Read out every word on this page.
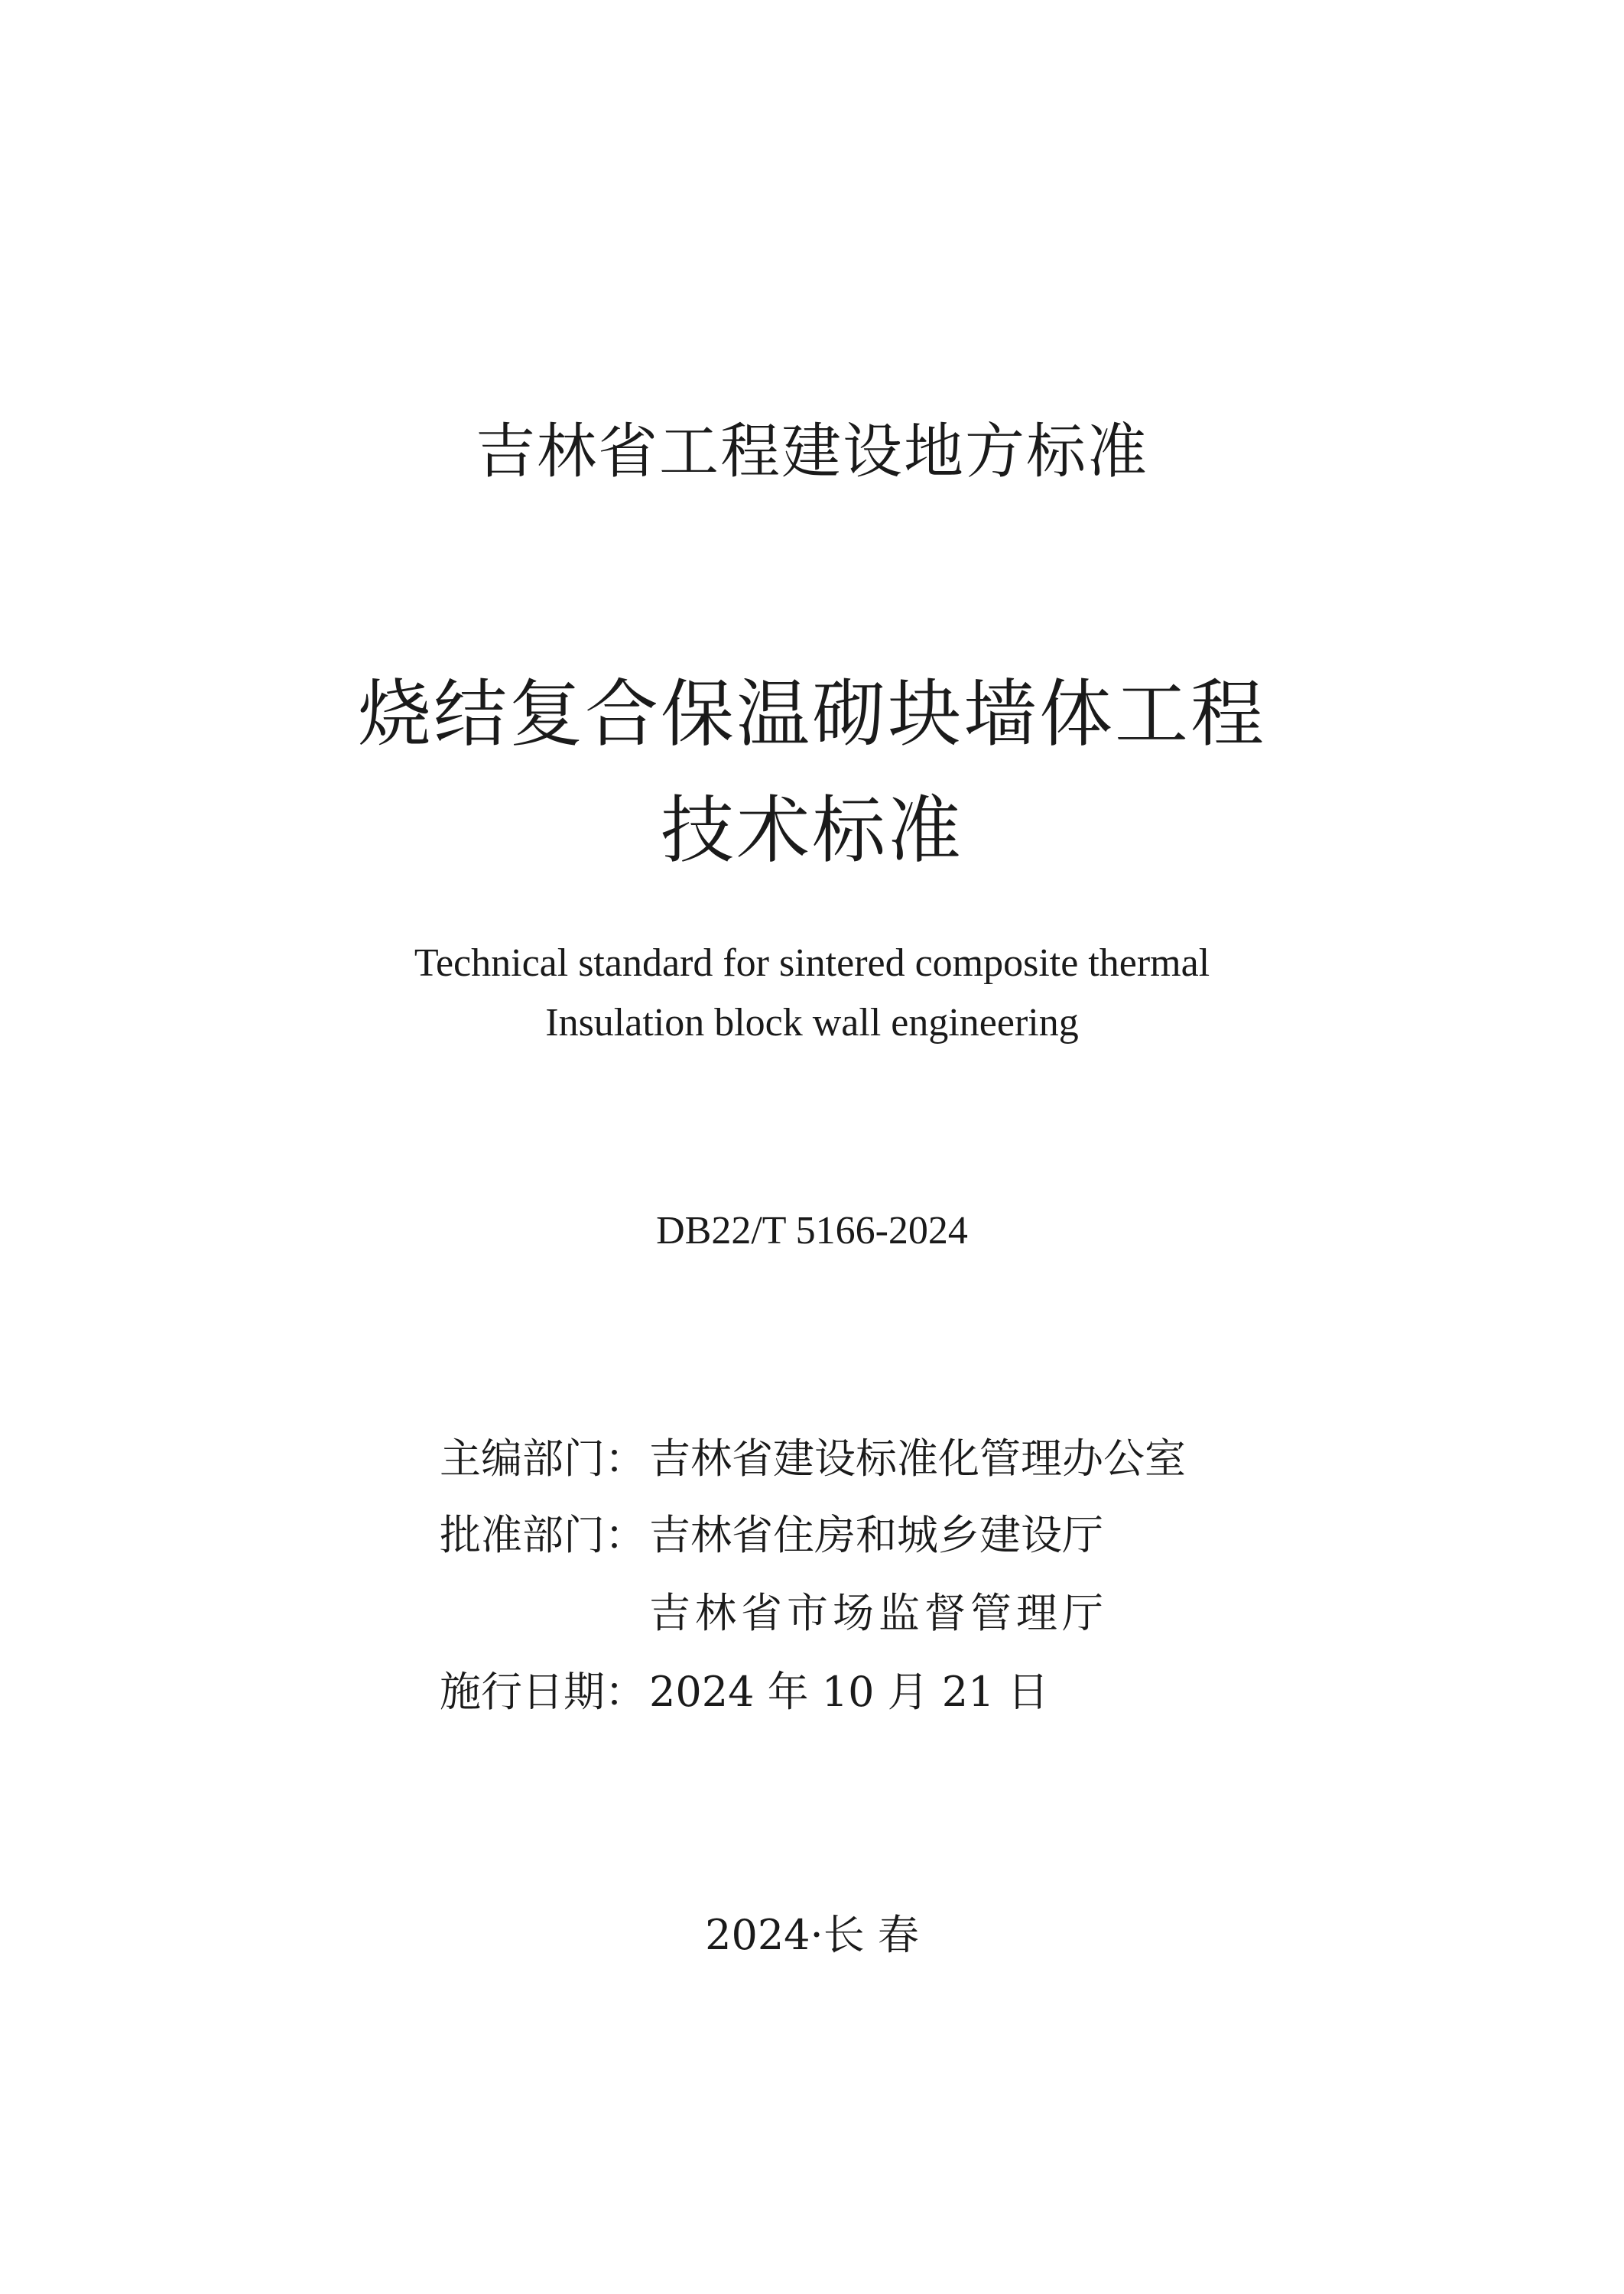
吉林省工程建设地方标准
烧结复合保温砌块墙体工程
技术标准
Technical standard for sintered composite thermal
Insulation block wall engineering
DB22/T 5166-2024
主编部门：吉林省建设标准化管理办公室
批准部门：吉林省住房和城乡建设厅
吉林省市场监督管理厅
施行日期：2024 年 10 月 21 日
2024·长 春
